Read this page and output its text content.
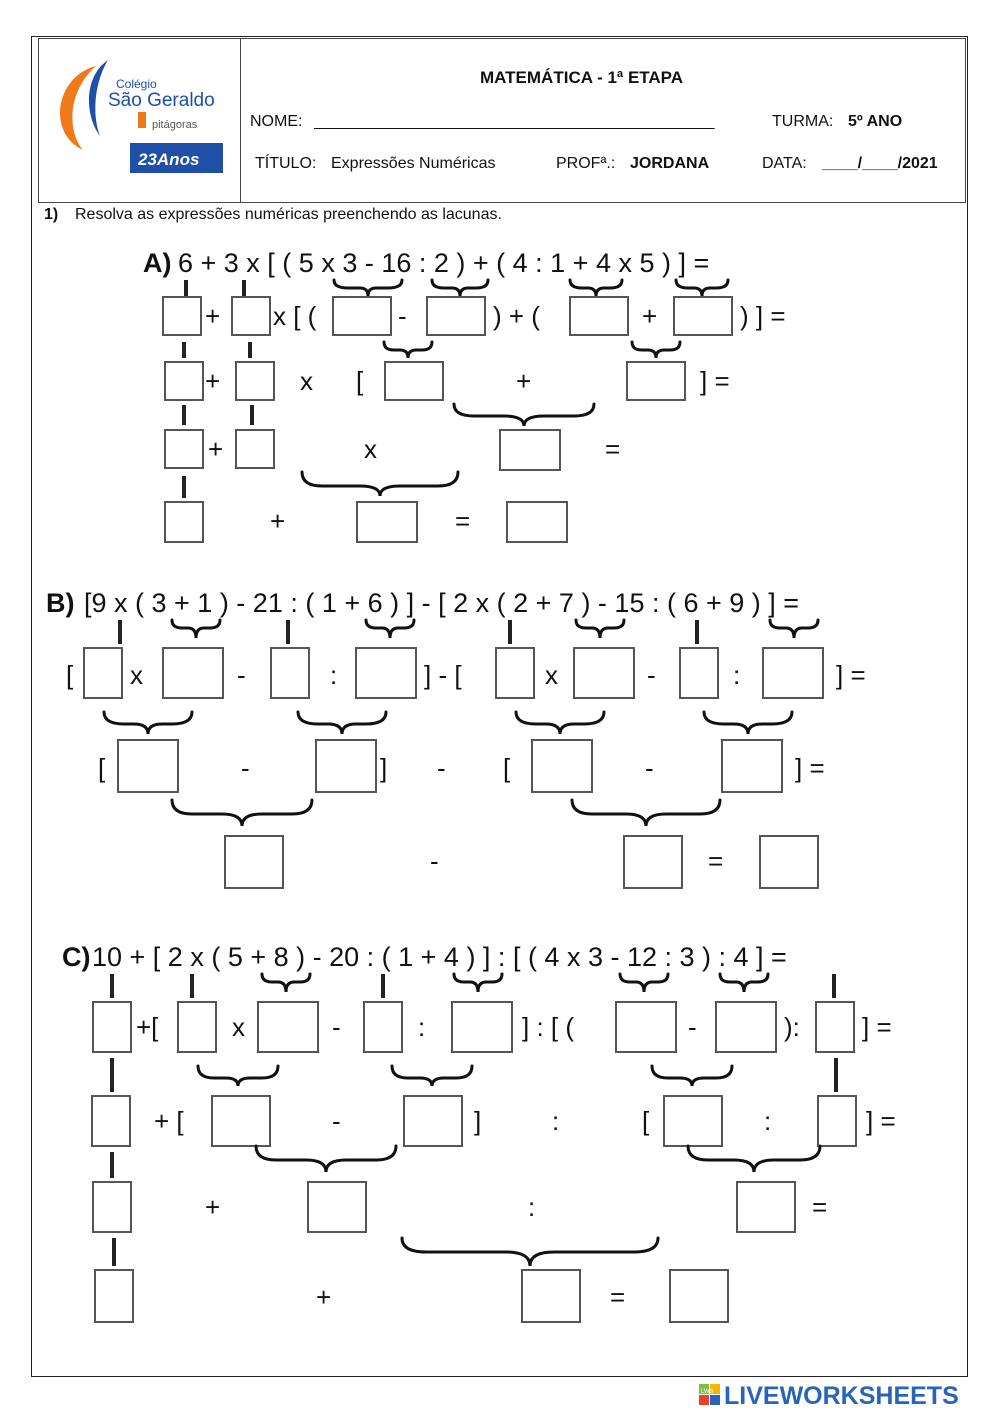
Colégio
São Geraldo
pitágoras
23Anos
MATEMÁTICA - 1ª ETAPA
NOME: _____________________________________________	TURMA: 5º ANO
TÍTULO: Expressões Numéricas	PROFª.: JORDANA	DATA: ____/____/2021
1) Resolva as expressões numéricas preenchendo as lacunas.
A) 6 + 3 x [ ( 5 x 3 - 16 : 2 ) + ( 4 : 1 + 4 x 5 ) ] =
+ x [ (	-	) + (	+	) ] =
+	x [	+	] =
+	x	=
+	=
B) [9 x ( 3 + 1 ) - 21 : ( 1 + 6 ) ] - [ 2 x ( 2 + 7 ) - 15 : ( 6 + 9 ) ] =
[ x	-	:	] - [	x	-	:	] =
[	-	] - [	-	] =
-	=
C) 10 + [ 2 x ( 5 + 8 ) - 20 : ( 1 + 4 ) ] : [ ( 4 x 3 - 12 : 3 ) : 4 ] =
+[	x	-	:	] : [ (	-	): ] =
+ [	-	]	:	[	:	] =
+	:	=
+	=
LWS LIVEWORKSHEETS
